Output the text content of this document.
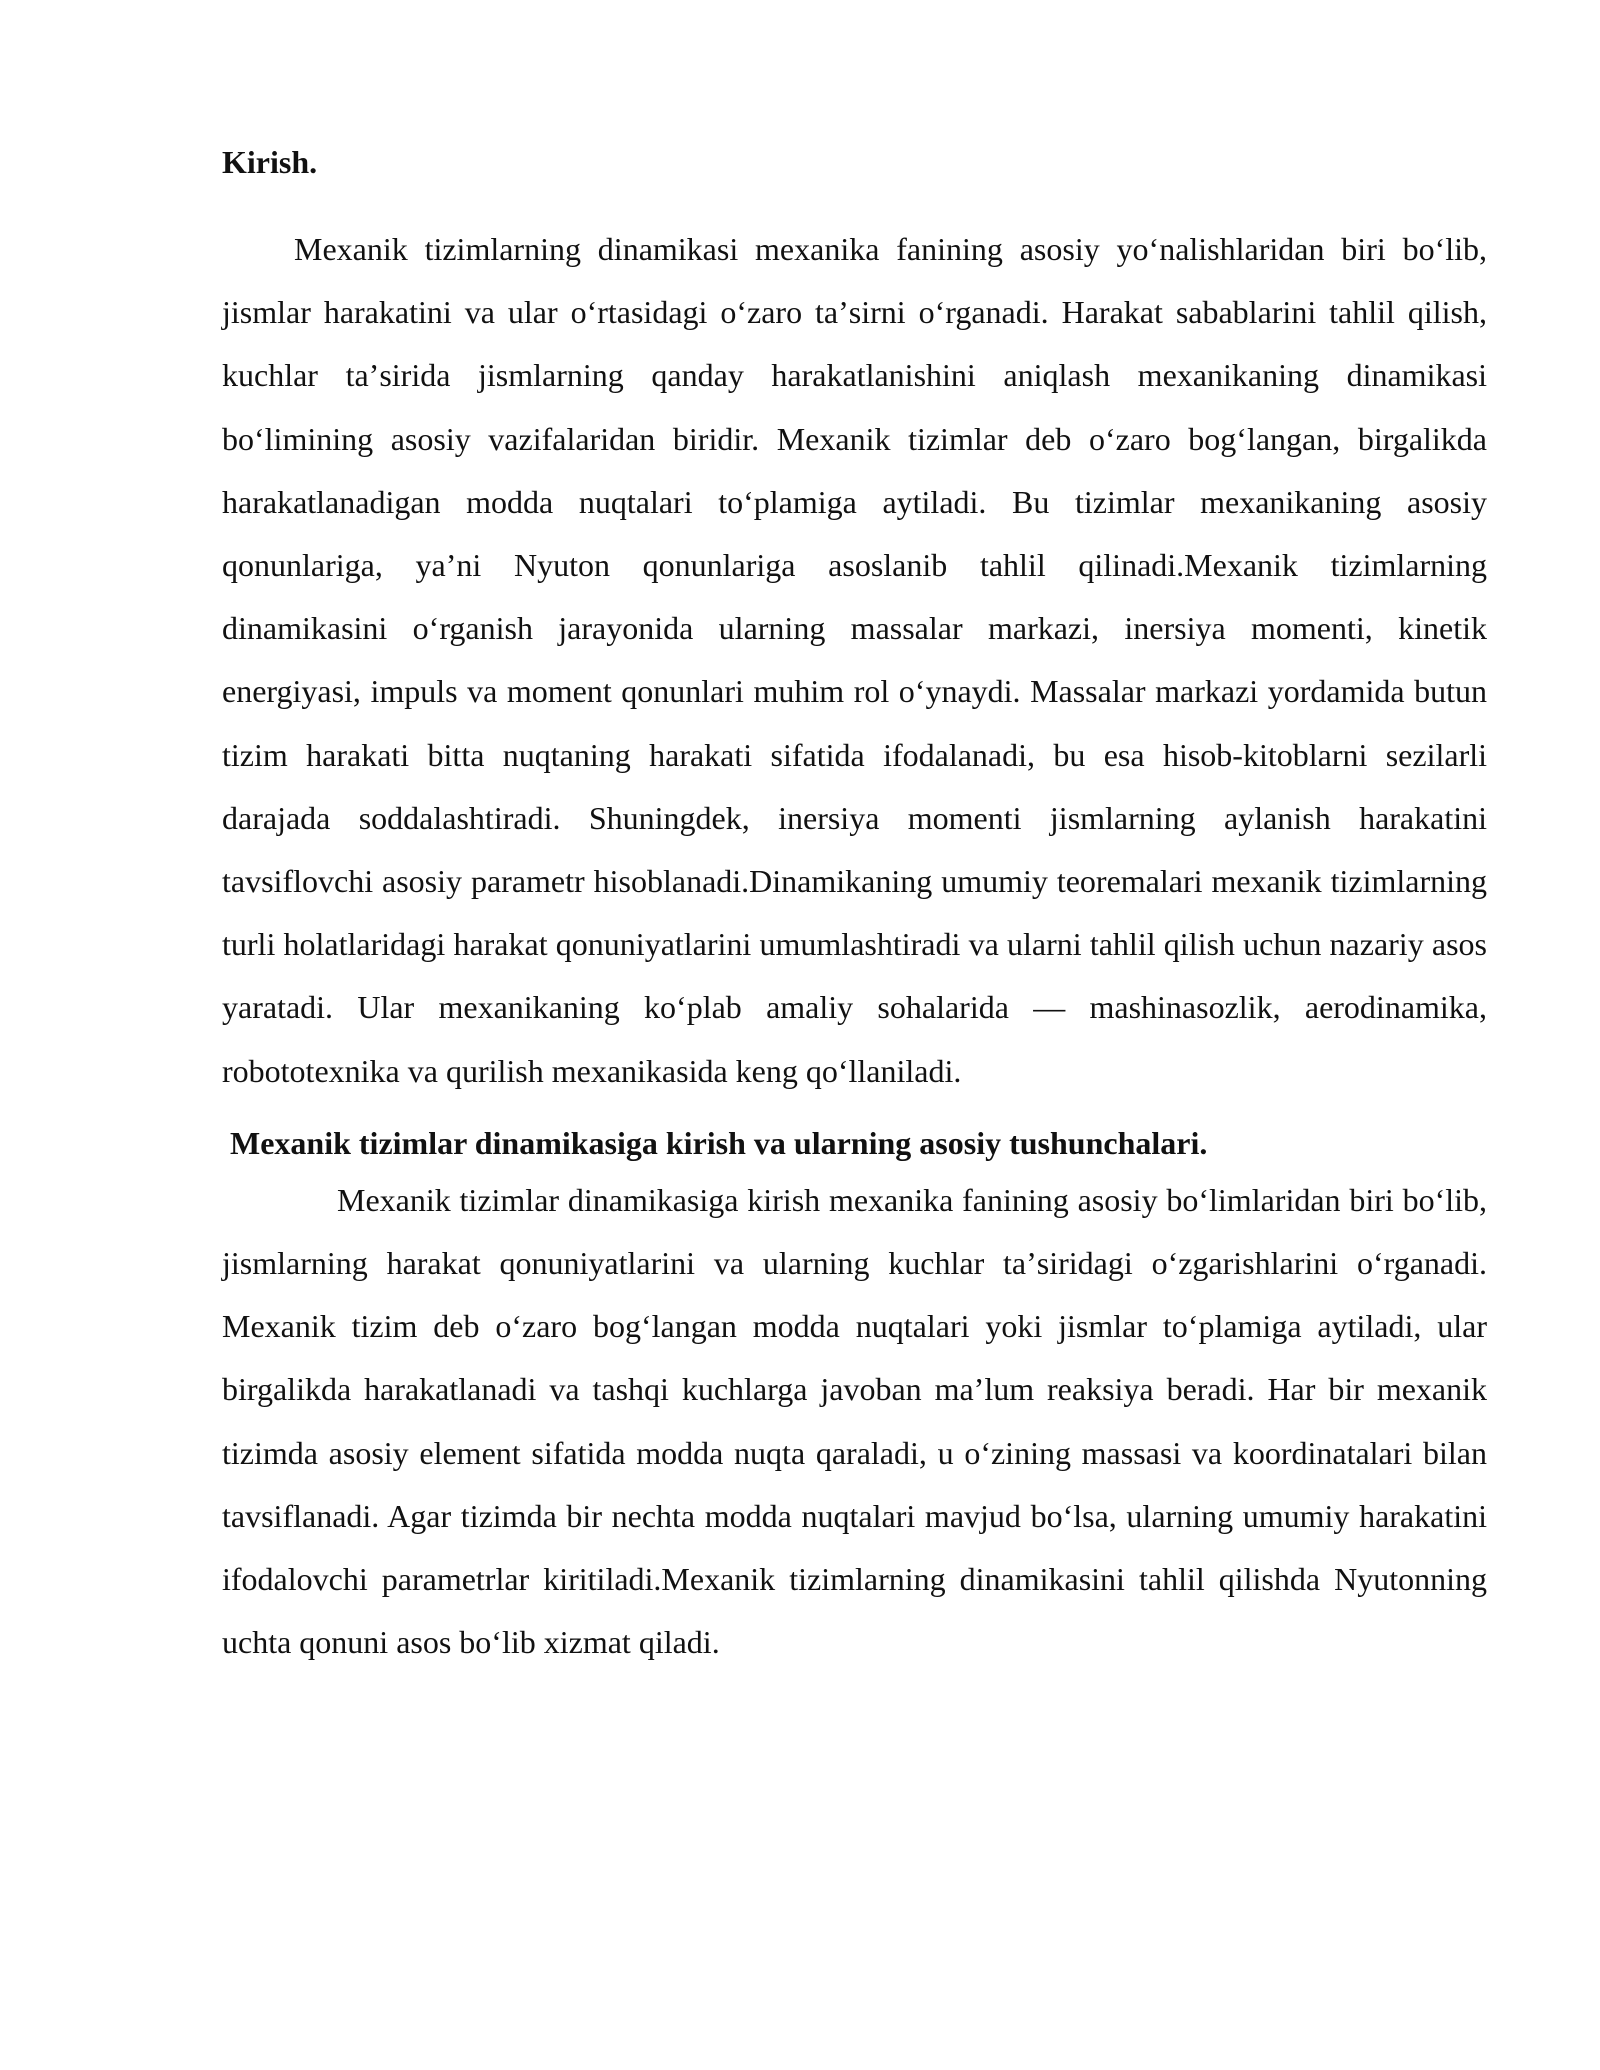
Kirish.

Mexanik tizimlarning dinamikasi mexanika fanining asosiy yoʻnalishlaridan biri boʻlib, jismlar harakatini va ular oʻrtasidagi oʻzaro taʼsirni oʻrganadi. Harakat sabablarini tahlil qilish, kuchlar taʼsirida jismlarning qanday harakatlanishini aniqlash mexanikaning dinamikasi boʻlimining asosiy vazifalaridan biridir. Mexanik tizimlar deb oʻzaro bogʻlangan, birgalikda harakatlanadigan modda nuqtalari toʻplamiga aytiladi. Bu tizimlar mexanikaning asosiy qonunlariga, yaʼni Nyuton qonunlariga asoslanib tahlil qilinadi.Mexanik tizimlarning dinamikasini oʻrganish jarayonida ularning massalar markazi, inersiya momenti, kinetik energiyasi, impuls va moment qonunlari muhim rol oʻynaydi. Massalar markazi yordamida butun tizim harakati bitta nuqtaning harakati sifatida ifodalanadi, bu esa hisob-kitoblarni sezilarli darajada soddalashtiradi. Shuningdek, inersiya momenti jismlarning aylanish harakatini tavsiflovchi asosiy parametr hisoblanadi.Dinamikaning umumiy teoremalari mexanik tizimlarning turli holatlaridagi harakat qonuniyatlarini umumlashtiradi va ularni tahlil qilish uchun nazariy asos yaratadi. Ular mexanikaning koʻplab amaliy sohalarida — mashinasozlik, aerodinamika, robototexnika va qurilish mexanikasida keng qoʻllaniladi.

Mexanik tizimlar dinamikasiga kirish va ularning asosiy tushunchalari.

Mexanik tizimlar dinamikasiga kirish mexanika fanining asosiy boʻlimlaridan biri boʻlib, jismlarning harakat qonuniyatlarini va ularning kuchlar taʼsiridagi oʻzgarishlarini oʻrganadi. Mexanik tizim deb oʻzaro bogʻlangan modda nuqtalari yoki jismlar toʻplamiga aytiladi, ular birgalikda harakatlanadi va tashqi kuchlarga javoban maʼlum reaksiya beradi. Har bir mexanik tizimda asosiy element sifatida modda nuqta qaraladi, u oʻzining massasi va koordinatalari bilan tavsiflanadi. Agar tizimda bir nechta modda nuqtalari mavjud boʻlsa, ularning umumiy harakatini ifodalovchi parametrlar kiritiladi.Mexanik tizimlarning dinamikasini tahlil qilishda Nyutonning uchta qonuni asos boʻlib xizmat qiladi.
